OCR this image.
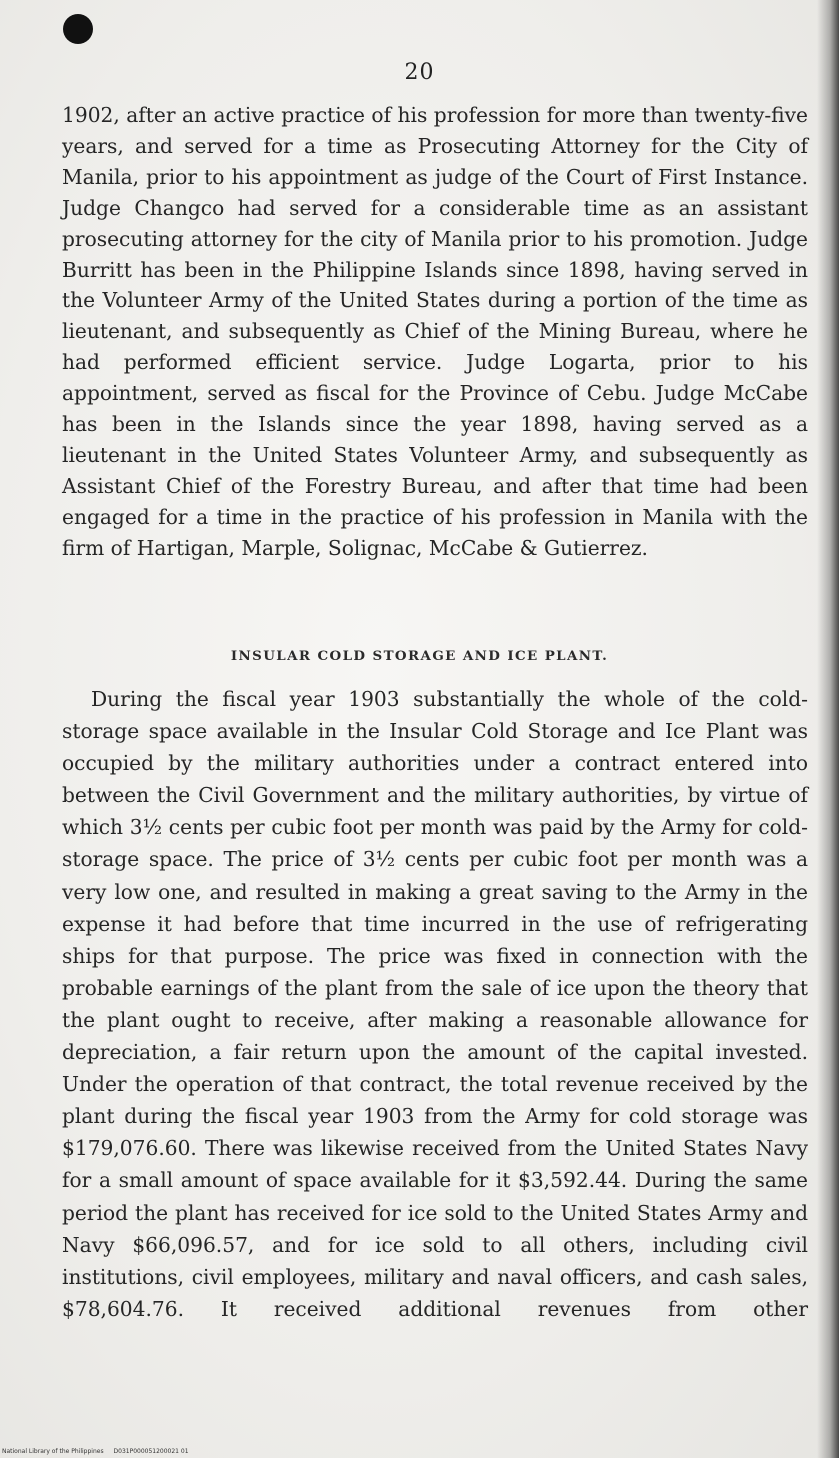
20

1902, after an active practice of his profession for more than twenty-five years, and served for a time as Prosecuting Attorney for the City of Manila, prior to his appointment as judge of the Court of First Instance. Judge Changco had served for a considerable time as an assistant prosecuting attorney for the city of Manila prior to his promotion. Judge Burritt has been in the Philippine Islands since 1898, having served in the Volunteer Army of the United States during a portion of the time as lieutenant, and subsequently as Chief of the Mining Bureau, where he had performed efficient service. Judge Logarta, prior to his appointment, served as fiscal for the Province of Cebu. Judge McCabe has been in the Islands since the year 1898, having served as a lieutenant in the United States Volunteer Army, and subsequently as Assistant Chief of the Forestry Bureau, and after that time had been engaged for a time in the practice of his profession in Manila with the firm of Hartigan, Marple, Solignac, McCabe & Gutierrez.

INSULAR COLD STORAGE AND ICE PLANT.

During the fiscal year 1903 substantially the whole of the cold-storage space available in the Insular Cold Storage and Ice Plant was occupied by the military authorities under a contract entered into between the Civil Government and the military authorities, by virtue of which 3½ cents per cubic foot per month was paid by the Army for cold-storage space. The price of 3½ cents per cubic foot per month was a very low one, and resulted in making a great saving to the Army in the expense it had before that time incurred in the use of refrigerating ships for that purpose. The price was fixed in connection with the probable earnings of the plant from the sale of ice upon the theory that the plant ought to receive, after making a reasonable allowance for depreciation, a fair return upon the amount of the capital invested. Under the operation of that contract, the total revenue received by the plant during the fiscal year 1903 from the Army for cold storage was $179,076.60. There was likewise received from the United States Navy for a small amount of space available for it $3,592.44. During the same period the plant has received for ice sold to the United States Army and Navy $66,096.57, and for ice sold to all others, including civil institutions, civil employees, military and naval officers, and cash sales, $78,604.76. It received additional revenues from other

National Library of the Philippines D031P000051200021 01
